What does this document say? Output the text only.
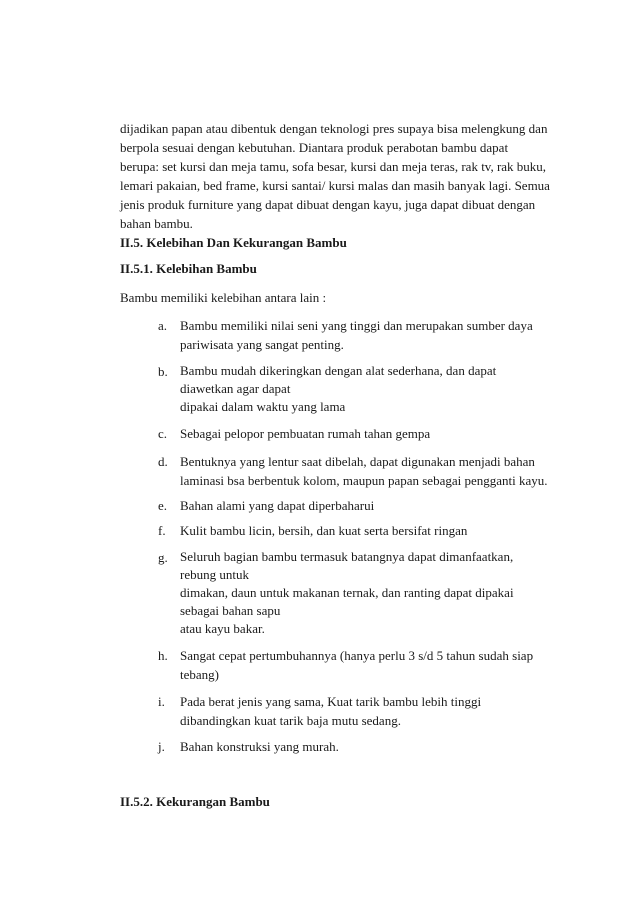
dijadikan papan atau dibentuk dengan teknologi pres supaya bisa melengkung dan
berpola sesuai dengan kebutuhan. Diantara produk perabotan bambu dapat
berupa: set kursi dan meja tamu, sofa besar, kursi dan meja teras, rak tv, rak buku,
lemari pakaian, bed frame, kursi santai/ kursi malas dan masih banyak lagi. Semua
jenis produk furniture yang dapat dibuat dengan kayu, juga dapat dibuat dengan
bahan bambu.
II.5. Kelebihan Dan Kekurangan Bambu
II.5.1. Kelebihan Bambu
Bambu memiliki kelebihan antara lain :
a. Bambu memiliki nilai seni yang tinggi dan merupakan sumber daya
pariwisata yang sangat penting.
b. Bambu mudah dikeringkan dengan alat sederhana, dan dapat
diawetkan agar dapat
dipakai dalam waktu yang lama
c. Sebagai pelopor pembuatan rumah tahan gempa
d. Bentuknya yang lentur saat dibelah, dapat digunakan menjadi bahan
laminasi bsa berbentuk kolom, maupun papan sebagai pengganti kayu.
e. Bahan alami yang dapat diperbaharui
f. Kulit bambu licin, bersih, dan kuat serta bersifat ringan
g. Seluruh bagian bambu termasuk batangnya dapat dimanfaatkan,
rebung untuk
dimakan, daun untuk makanan ternak, dan ranting dapat dipakai
sebagai bahan sapu
atau kayu bakar.
h. Sangat cepat pertumbuhannya (hanya perlu 3 s/d 5 tahun sudah siap
tebang)
i. Pada berat jenis yang sama, Kuat tarik bambu lebih tinggi
dibandingkan kuat tarik baja mutu sedang.
j. Bahan konstruksi yang murah.
II.5.2. Kekurangan Bambu
